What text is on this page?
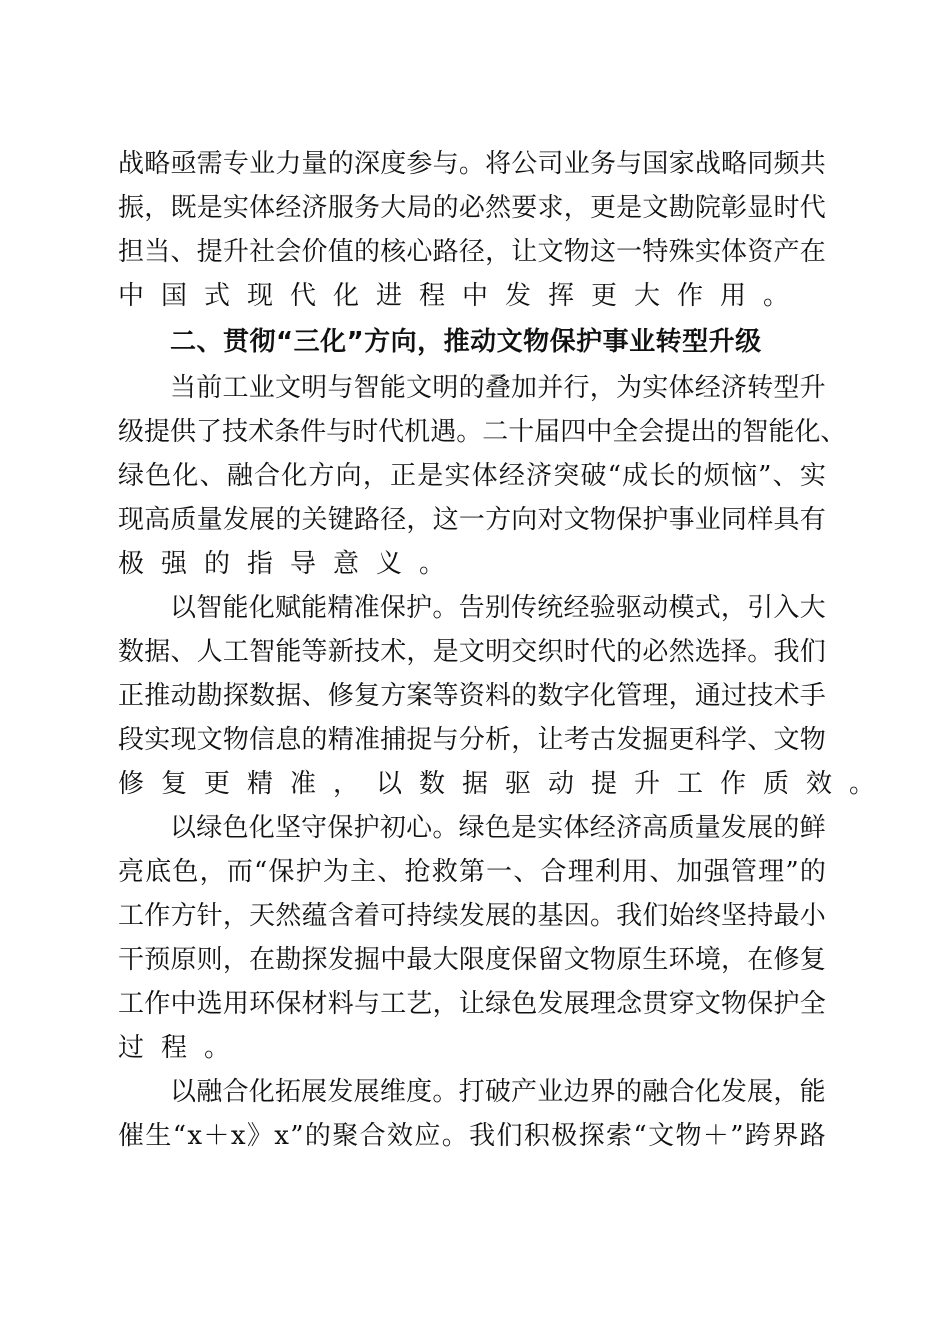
战 略 亟 需 专 业 力 量 的 深 度 参 与 。 将 公 司 业 务 与 国 家 战 略 同 频 共
振 ， 既 是 实 体 经 济 服 务 大 局 的 必 然 要 求 ， 更 是 文 勘 院 彰 显 时 代
担 当 、 提 升 社 会 价 值 的 核 心 路 径 ， 让 文 物 这 一 特 殊 实 体 资 产 在
中国式现代化进程中发挥更大作用。
二、贯彻“三化”方向，推动文物保护事业转型升级
当 前 工 业 文 明 与 智 能 文 明 的 叠 加 并 行 ， 为 实 体 经 济 转 型 升
级 提 供 了 技 术 条 件 与 时 代 机 遇 。 二 十 届 四 中 全 会 提 出 的 智 能 化 、
绿 色 化 、 融 合 化 方 向 ， 正 是 实 体 经 济 突 破 “ 成 长 的 烦 恼 ” 、 实
现 高 质 量 发 展 的 关 键 路 径 ， 这 一 方 向 对 文 物 保 护 事 业 同 样 具 有
极强的指导意义。
以 智 能 化 赋 能 精 准 保 护 。 告 别 传 统 经 验 驱 动 模 式 ， 引 入 大
数 据 、 人 工 智 能 等 新 技 术 ， 是 文 明 交 织 时 代 的 必 然 选 择 。 我 们
正 推 动 勘 探 数 据 、 修 复 方 案 等 资 料 的 数 字 化 管 理 ， 通 过 技 术 手
段 实 现 文 物 信 息 的 精 准 捕 捉 与 分 析 ， 让 考 古 发 掘 更 科 学 、 文 物
修复更精准，以数据驱动提升工作质效。
以 绿 色 化 坚 守 保 护 初 心 。 绿 色 是 实 体 经 济 高 质 量 发 展 的 鲜
亮 底 色 ， 而 “ 保 护 为 主 、 抢 救 第 一 、 合 理 利 用 、 加 强 管 理 ” 的
工 作 方 针 ， 天 然 蕴 含 着 可 持 续 发 展 的 基 因 。 我 们 始 终 坚 持 最 小
干 预 原 则 ， 在 勘 探 发 掘 中 最 大 限 度 保 留 文 物 原 生 环 境 ， 在 修 复
工 作 中 选 用 环 保 材 料 与 工 艺 ， 让 绿 色 发 展 理 念 贯 穿 文 物 保 护 全
过程。
以 融 合 化 拓 展 发 展 维 度 。 打 破 产 业 边 界 的 融 合 化 发 展 ， 能
催 生 “ x ＋ x 》 x ” 的 聚 合 效 应 。 我 们 积 极 探 索 “ 文 物 ＋ ” 跨 界 路
